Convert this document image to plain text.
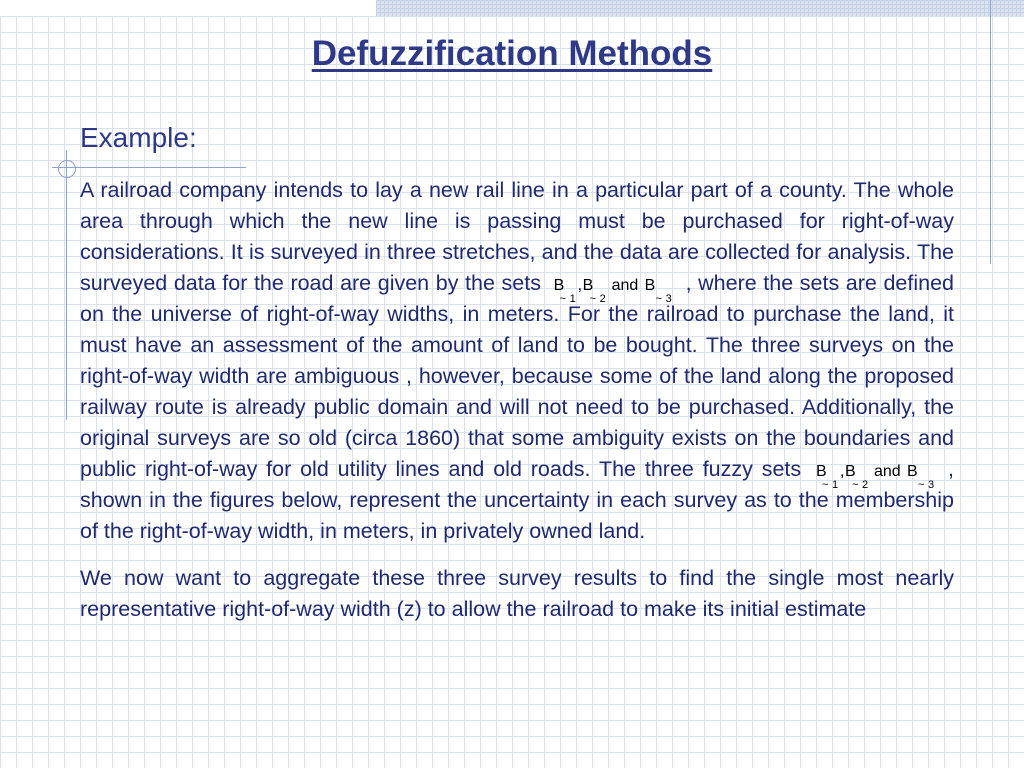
Defuzzification Methods
Example:
A railroad company intends to lay a new rail line in a particular part of a county. The whole area through which the new line is passing must be purchased for right-of-way considerations. It is surveyed in three stretches, and the data are collected for analysis. The surveyed data for the road are given by the sets B
~ 1
, B
~ 2
and B
~ 3
, where the sets are defined on the universe of right-of-way widths, in meters. For the railroad to purchase the land, it must have an assessment of the amount of land to be bought. The three surveys on the right-of-way width are ambiguous , however, because some of the land along the proposed railway route is already public domain and will not need to be purchased. Additionally, the original surveys are so old (circa 1860) that some ambiguity exists on the boundaries and public right-of-way for old utility lines and old roads. The three fuzzy sets B
~ 1
, B
~ 2
and B
~ 3
, shown in the figures below, represent the uncertainty in each survey as to the membership of the right-of-way width, in meters, in privately owned land.
We now want to aggregate these three survey results to find the single most nearly representative right-of-way width (z) to allow the railroad to make its initial estimate
